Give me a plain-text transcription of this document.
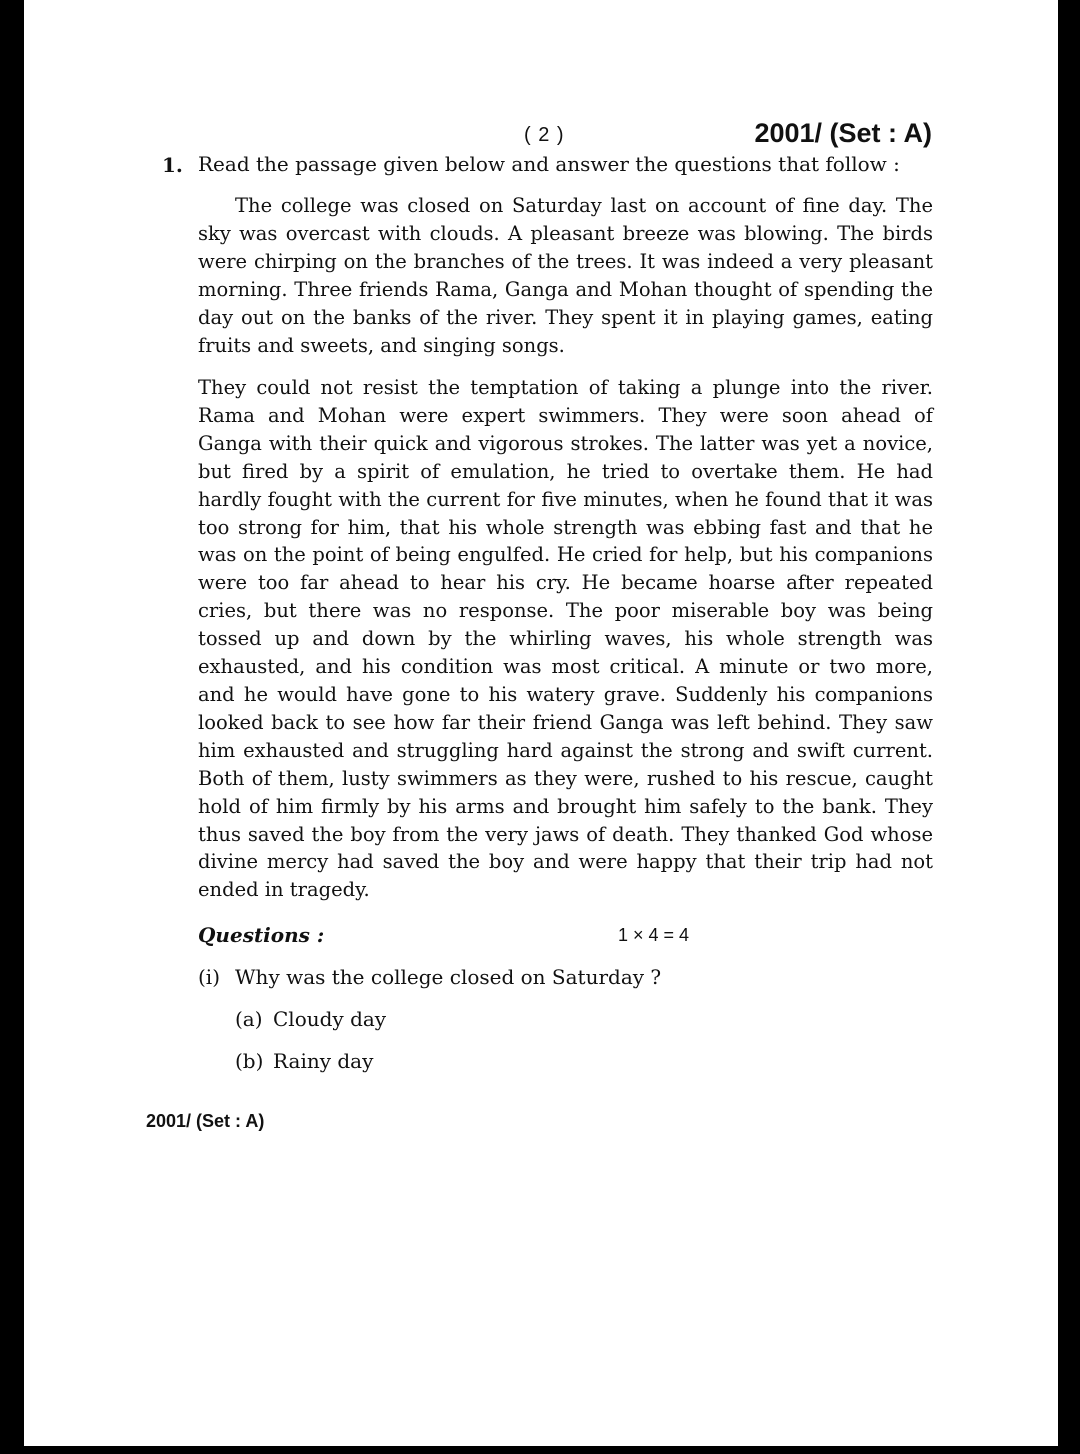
( 2 )	2001/ (Set : A)
1. Read the passage given below and answer the questions that follow :

The college was closed on Saturday last on account of fine day. The sky was overcast with clouds. A pleasant breeze was blowing. The birds were chirping on the branches of the trees. It was indeed a very pleasant morning. Three friends Rama, Ganga and Mohan thought of spending the day out on the banks of the river. They spent it in playing games, eating fruits and sweets, and singing songs.

They could not resist the temptation of taking a plunge into the river. Rama and Mohan were expert swimmers. They were soon ahead of Ganga with their quick and vigorous strokes. The latter was yet a novice, but fired by a spirit of emulation, he tried to overtake them. He had hardly fought with the current for five minutes, when he found that it was too strong for him, that his whole strength was ebbing fast and that he was on the point of being engulfed. He cried for help, but his companions were too far ahead to hear his cry. He became hoarse after repeated cries, but there was no response. The poor miserable boy was being tossed up and down by the whirling waves, his whole strength was exhausted, and his condition was most critical. A minute or two more, and he would have gone to his watery grave. Suddenly his companions looked back to see how far their friend Ganga was left behind. They saw him exhausted and struggling hard against the strong and swift current. Both of them, lusty swimmers as they were, rushed to his rescue, caught hold of him firmly by his arms and brought him safely to the bank. They thus saved the boy from the very jaws of death. They thanked God whose divine mercy had saved the boy and were happy that their trip had not ended in tragedy.

Questions :	1 × 4 = 4
(i) Why was the college closed on Saturday ?
(a) Cloudy day
(b) Rainy day
2001/ (Set : A)
